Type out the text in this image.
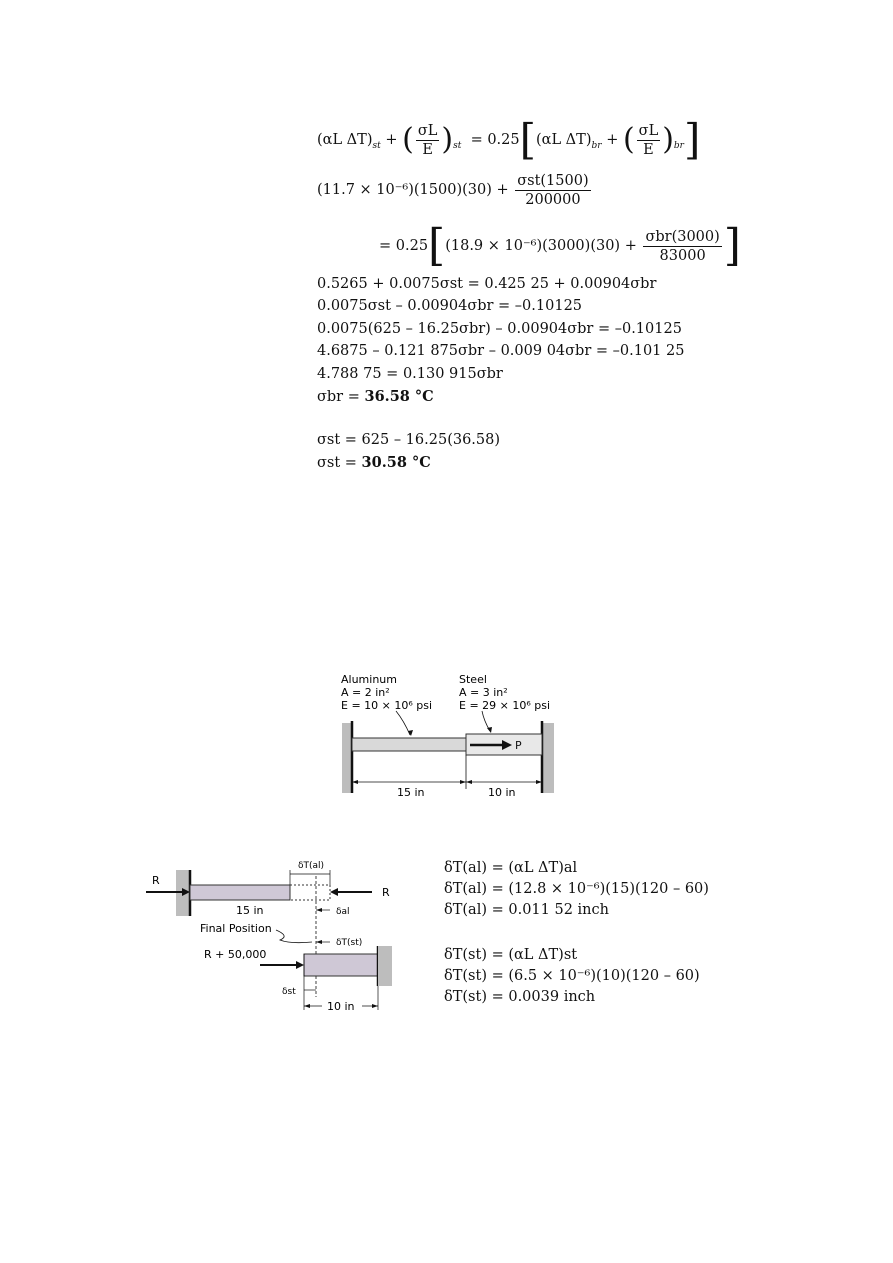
(αL $\Delta T)_{st}$ + ( $\frac{\sigma L}{E} )_{st} = 0.25[(\alpha L$ $\Delta T)_{br}$ + ( $\frac{\sigma L}{E} )_{br}$]
$(11.7 \times 10^{-6})(1500)(30) + \frac{\text{σst(1500)}}{200000}$
= $0.25[(18.9 \times 10^{-6})(3000)(30) + \frac{\text{σbr(3000)}}{83000}$ ]
0.5265 + 0.0075σst = 0.425 25 + 0.00904σbr
0.0075σst – 0.00904σbr = –0.10125
0.0075(625 – 16.25σbr) – 0.00904σbr = –0.10125
4.6875 – 0.121 875σbr – 0.009 04σbr = –0.101 25
4.788 75 = 0.130 915σbr
σbr = 36.58 °C
σst = 625 – 16.25(36.58)
σst = 30.58 °C
P
Aluminum
A = 2 in²
E = 10 × 10⁶ psi
Steel
A = 3 in²
E = 29 × 10⁶ psi
15 in	10 in
R
R
δT(al)
δal
15 in
Final Position
δT(st)
R + 50,000
δst
10 in
δT(al) = (αL ΔT)al
δT(al) = (12.8 × 10⁻⁶)(15)(120 – 60)
δT(al) = 0.011 52 inch
δT(st) = (αL ΔT)st
δT(st) = (6.5 × 10⁻⁶)(10)(120 – 60)
δT(st) = 0.0039 inch
